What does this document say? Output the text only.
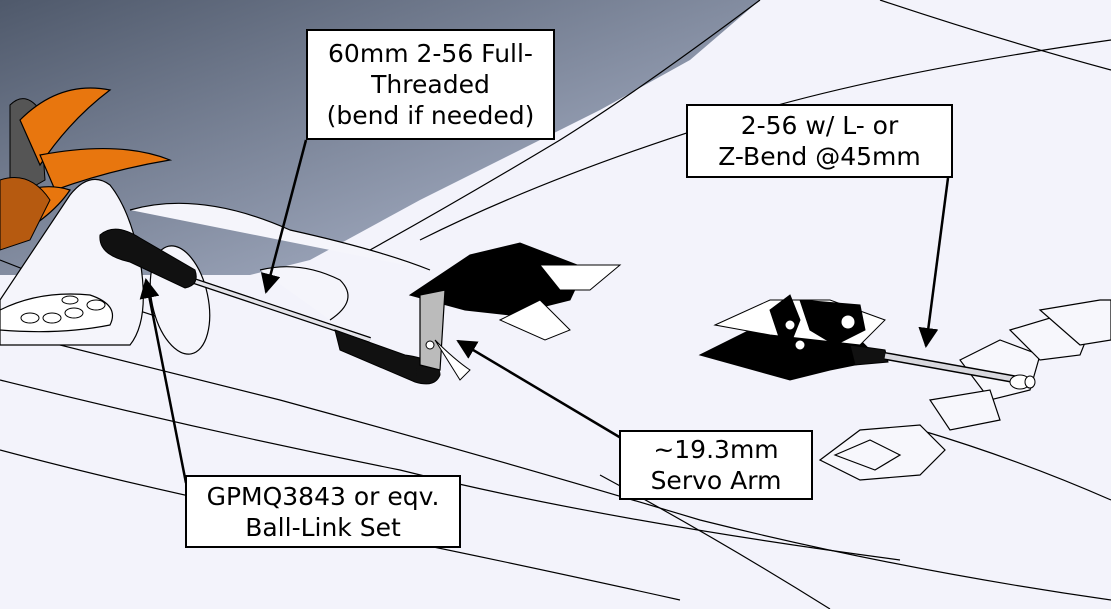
60mm 2-56 Full-
Threaded
(bend if needed)	2-56 w/ L- or
Z-Bend @45mm
~19.3mm
Servo Arm
GPMQ3843 or eqv.
Ball-Link Set
